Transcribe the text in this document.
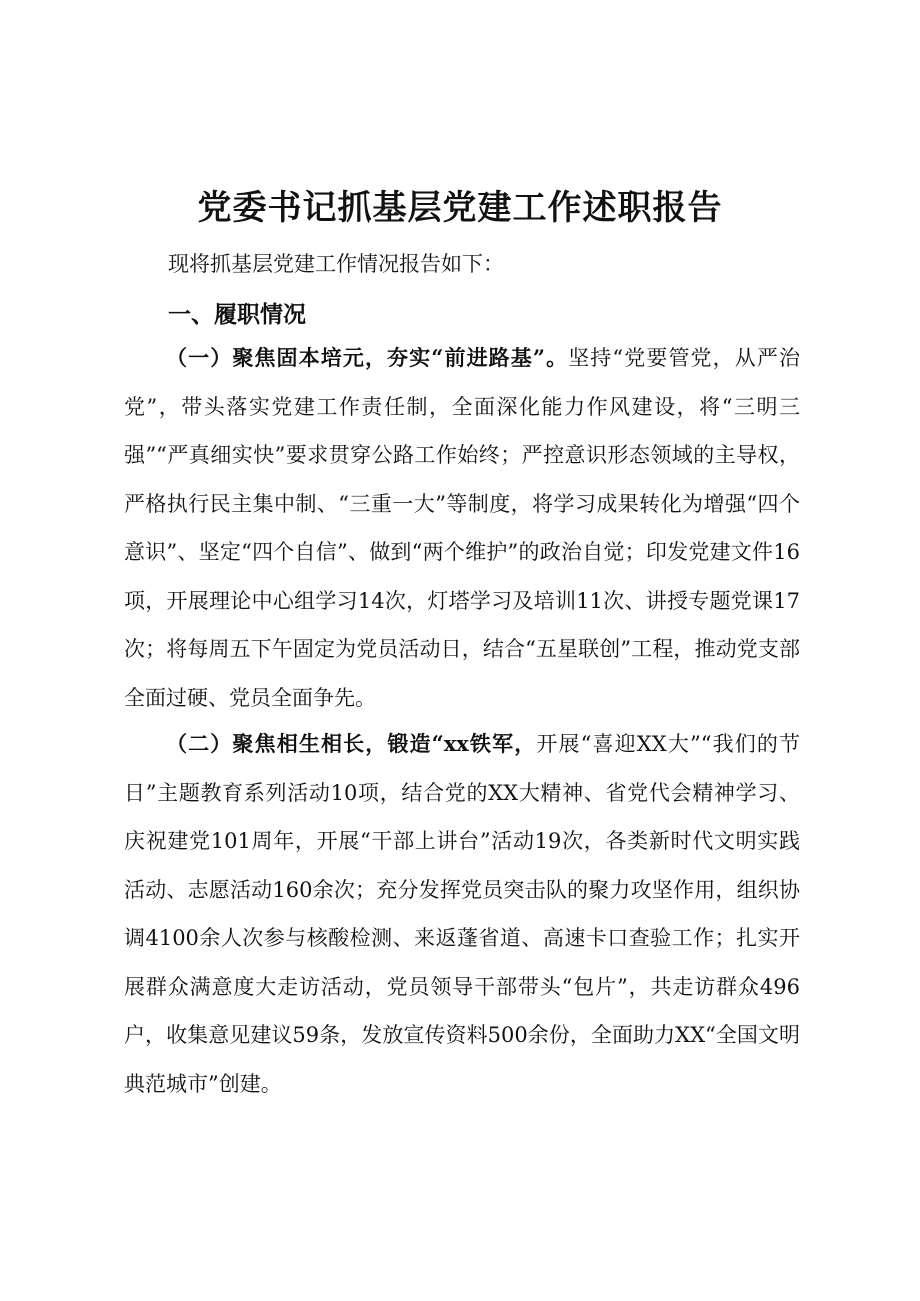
党委书记抓基层党建工作述职报告

现将抓基层党建工作情况报告如下：

一、履职情况

（一）聚焦固本培元，夯实“前进路基”。坚持“党要管党，从严治党”，带头落实党建工作责任制，全面深化能力作风建设，将“三明三强”“严真细实快”要求贯穿公路工作始终；严控意识形态领域的主导权，严格执行民主集中制、“三重一大”等制度，将学习成果转化为增强“四个意识”、坚定“四个自信”、做到“两个维护”的政治自觉；印发党建文件16项，开展理论中心组学习14次，灯塔学习及培训11次、讲授专题党课17次；将每周五下午固定为党员活动日，结合“五星联创”工程，推动党支部全面过硬、党员全面争先。

（二）聚焦相生相长，锻造“xx铁军，开展“喜迎XX大”“我们的节日”主题教育系列活动10项，结合党的XX大精神、省党代会精神学习、庆祝建党101周年，开展“干部上讲台”活动19次，各类新时代文明实践活动、志愿活动160余次；充分发挥党员突击队的聚力攻坚作用，组织协调4100余人次参与核酸检测、来返蓬省道、高速卡口查验工作；扎实开展群众满意度大走访活动，党员领导干部带头“包片”，共走访群众496户，收集意见建议59条，发放宣传资料500余份，全面助力XX“全国文明典范城市”创建。
